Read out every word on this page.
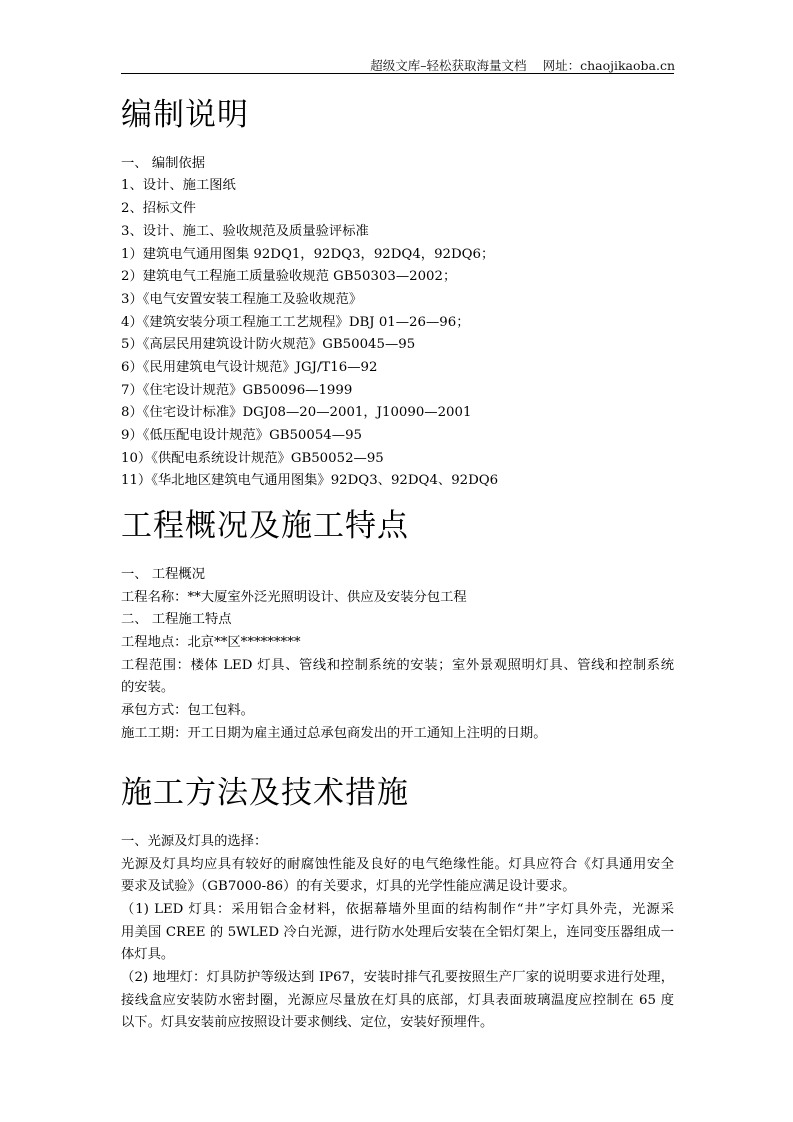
超级文库–轻松获取海量文档 网址：chaojikaoba.cn
编制说明
一、 编制依据
1、设计、施工图纸
2、招标文件
3、设计、施工、验收规范及质量验评标准
1）建筑电气通用图集 92DQ1，92DQ3，92DQ4，92DQ6；
2）建筑电气工程施工质量验收规范 GB50303—2002；
3）《电气安置安装工程施工及验收规范》
4）《建筑安装分项工程施工工艺规程》DBJ 01—26—96；
5）《高层民用建筑设计防火规范》GB50045—95
6）《民用建筑电气设计规范》JGJ/T16—92
7）《住宅设计规范》GB50096—1999
8）《住宅设计标准》DGJ08—20—2001，J10090—2001
9）《低压配电设计规范》GB50054—95
10）《供配电系统设计规范》GB50052—95
11）《华北地区建筑电气通用图集》92DQ3、92DQ4、92DQ6
工程概况及施工特点
一、 工程概况
工程名称：**大厦室外泛光照明设计、供应及安装分包工程
二、 工程施工特点
工程地点：北京**区*********
工程范围：楼体 LED 灯具、管线和控制系统的安装；室外景观照明灯具、管线和控制系统
的安装。
承包方式：包工包料。
施工工期：开工日期为雇主通过总承包商发出的开工通知上注明的日期。
施工方法及技术措施
一、光源及灯具的选择：
光源及灯具均应具有较好的耐腐蚀性能及良好的电气绝缘性能。灯具应符合《灯具通用安全
要求及试验》（GB7000-86）的有关要求，灯具的光学性能应满足设计要求。
（1) LED 灯具：采用铝合金材料，依据幕墙外里面的结构制作“井”字灯具外壳，光源采
用美国 CREE 的 5WLED 冷白光源，进行防水处理后安装在全铝灯架上，连同变压器组成一
体灯具。
（2) 地埋灯：灯具防护等级达到 IP67，安装时排气孔要按照生产厂家的说明要求进行处理，
接线盒应安装防水密封圈，光源应尽量放在灯具的底部，灯具表面玻璃温度应控制在 65 度
以下。灯具安装前应按照设计要求侧线、定位，安装好预埋件。
